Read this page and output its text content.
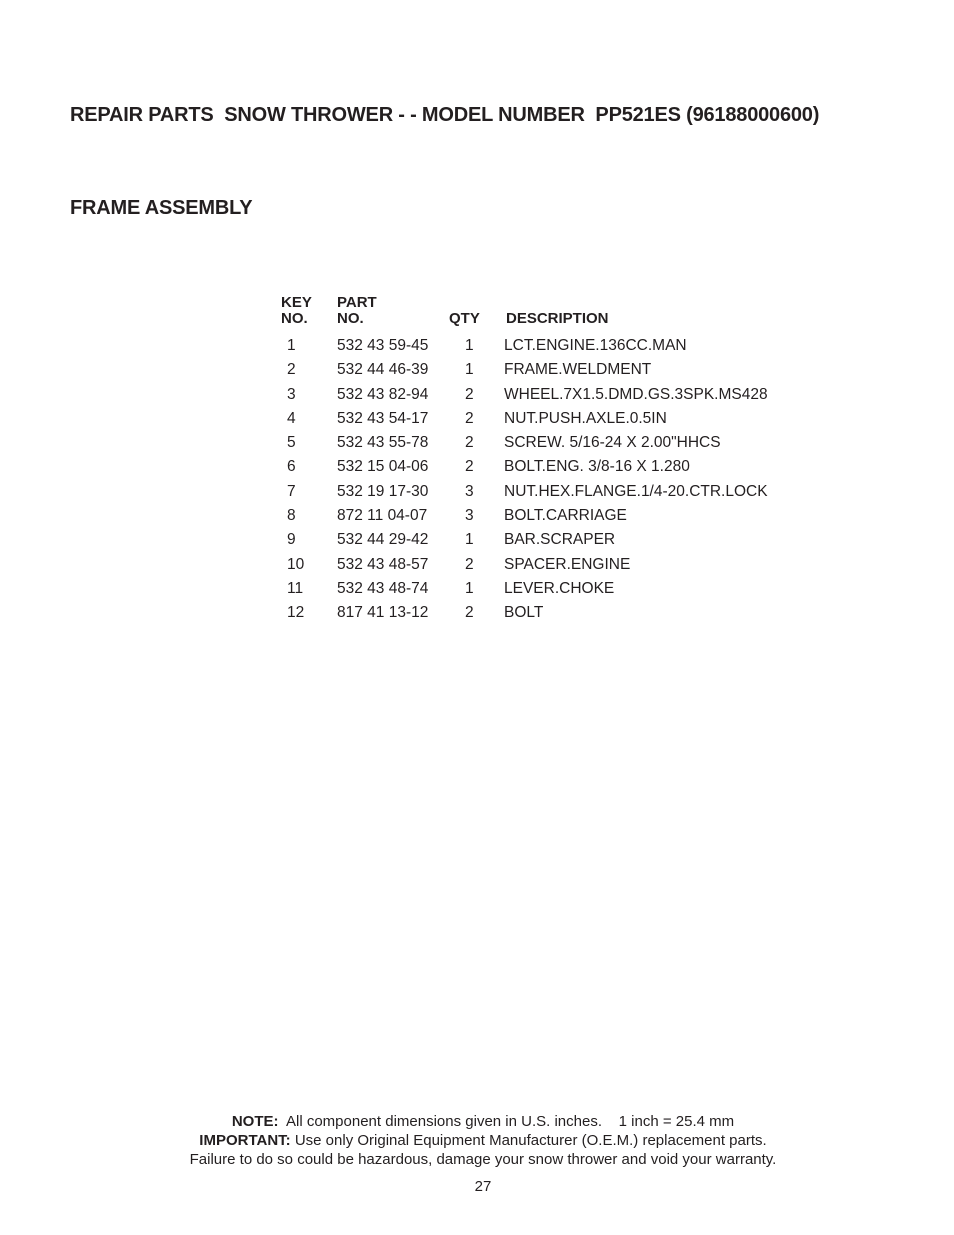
REPAIR PARTS  SNOW THROWER - - MODEL NUMBER  PP521ES (96188000600)

FRAME ASSEMBLY

KEY
NO.
PART
NO.	QTY DESCRIPTION
1	532 43 59-45 1 LCT.ENGINE.136CC.MAN
2	532 44 46-39 1 FRAME.WELDMENT
3	532 43 82-94 2 WHEEL.7X1.5.DMD.GS.3SPK.MS428
4	532 43 54-17 2 NUT.PUSH.AXLE.0.5IN
5	532 43 55-78 2 SCREW. 5/16-24 X 2.00"HHCS
6	532 15 04-06 2 BOLT.ENG. 3/8-16 X 1.280
7	532 19 17-30 3 NUT.HEX.FLANGE.1/4-20.CTR.LOCK
8	872 11 04-07 3 BOLT.CARRIAGE
9	532 44 29-42 1 BAR.SCRAPER
10 532 43 48-57 2 SPACER.ENGINE
11 532 43 48-74 1 LEVER.CHOKE
12 817 41 13-12 2 BOLT
NOTE:  All component dimensions given in U.S. inches.    1 inch = 25.4 mm
IMPORTANT: Use only Original Equipment Manufacturer (O.E.M.) replacement parts.
Failure to do so could be hazardous, damage your snow thrower and void your warranty.
27
